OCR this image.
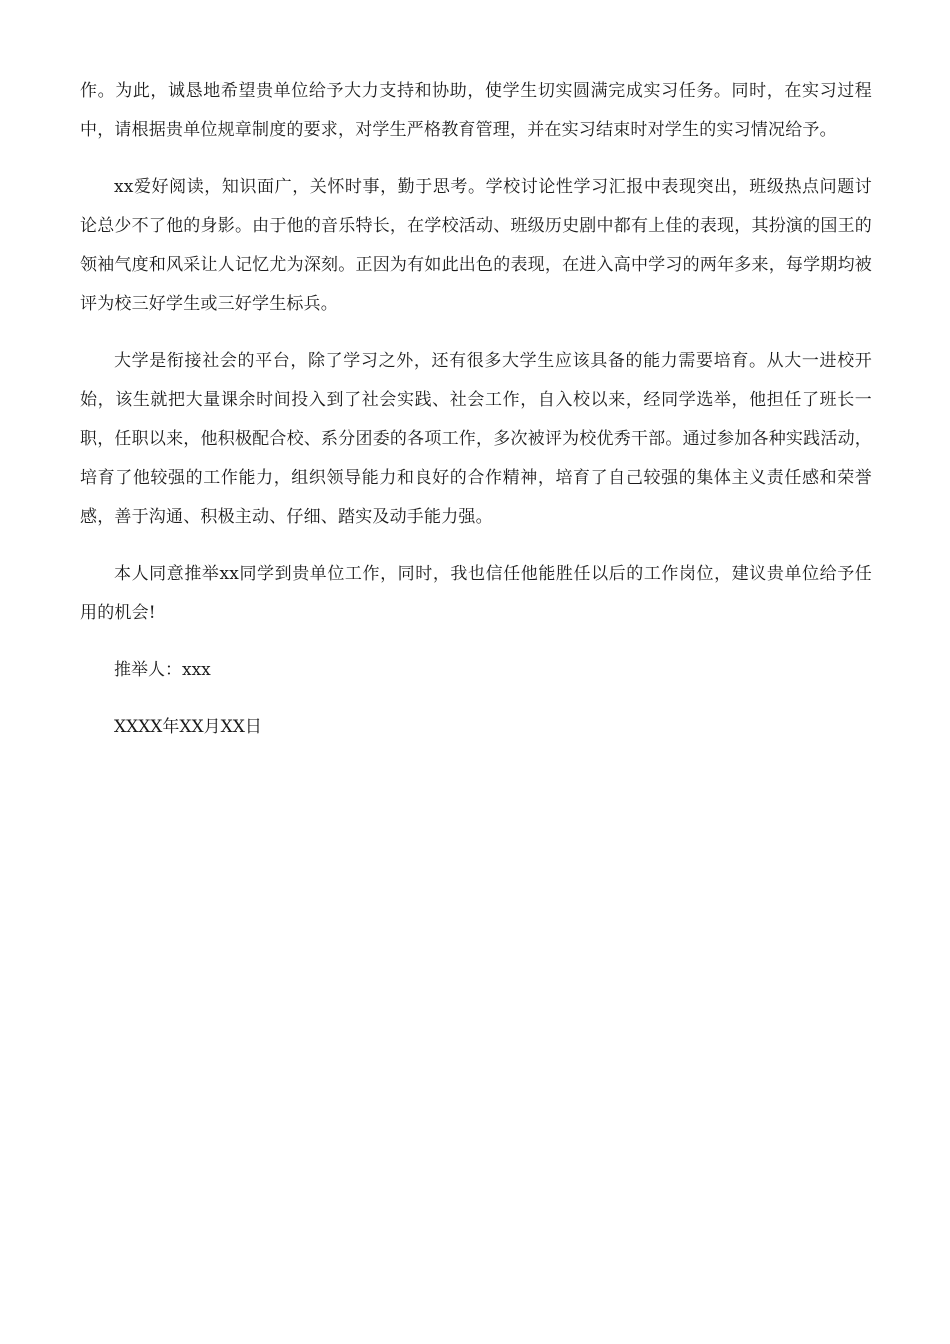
作。为此，诚恳地希望贵单位给予大力支持和协助，使学生切实圆满完成实习任务。同时，在实习过程中，请根据贵单位规章制度的要求，对学生严格教育管理，并在实习结束时对学生的实习情况给予。

xx爱好阅读，知识面广，关怀时事，勤于思考。学校讨论性学习汇报中表现突出，班级热点问题讨论总少不了他的身影。由于他的音乐特长，在学校活动、班级历史剧中都有上佳的表现，其扮演的国王的领袖气度和风采让人记忆尤为深刻。正因为有如此出色的表现，在进入高中学习的两年多来，每学期均被评为校三好学生或三好学生标兵。

大学是衔接社会的平台，除了学习之外，还有很多大学生应该具备的能力需要培育。从大一进校开始，该生就把大量课余时间投入到了社会实践、社会工作，自入校以来，经同学选举，他担任了班长一职，任职以来，他积极配合校、系分团委的各项工作，多次被评为校优秀干部。通过参加各种实践活动，培育了他较强的工作能力，组织领导能力和良好的合作精神，培育了自己较强的集体主义责任感和荣誉感，善于沟通、积极主动、仔细、踏实及动手能力强。

本人同意推举xx同学到贵单位工作，同时，我也信任他能胜任以后的工作岗位，建议贵单位给予任用的机会!

推举人：xxx

XXXX年XX月XX日
